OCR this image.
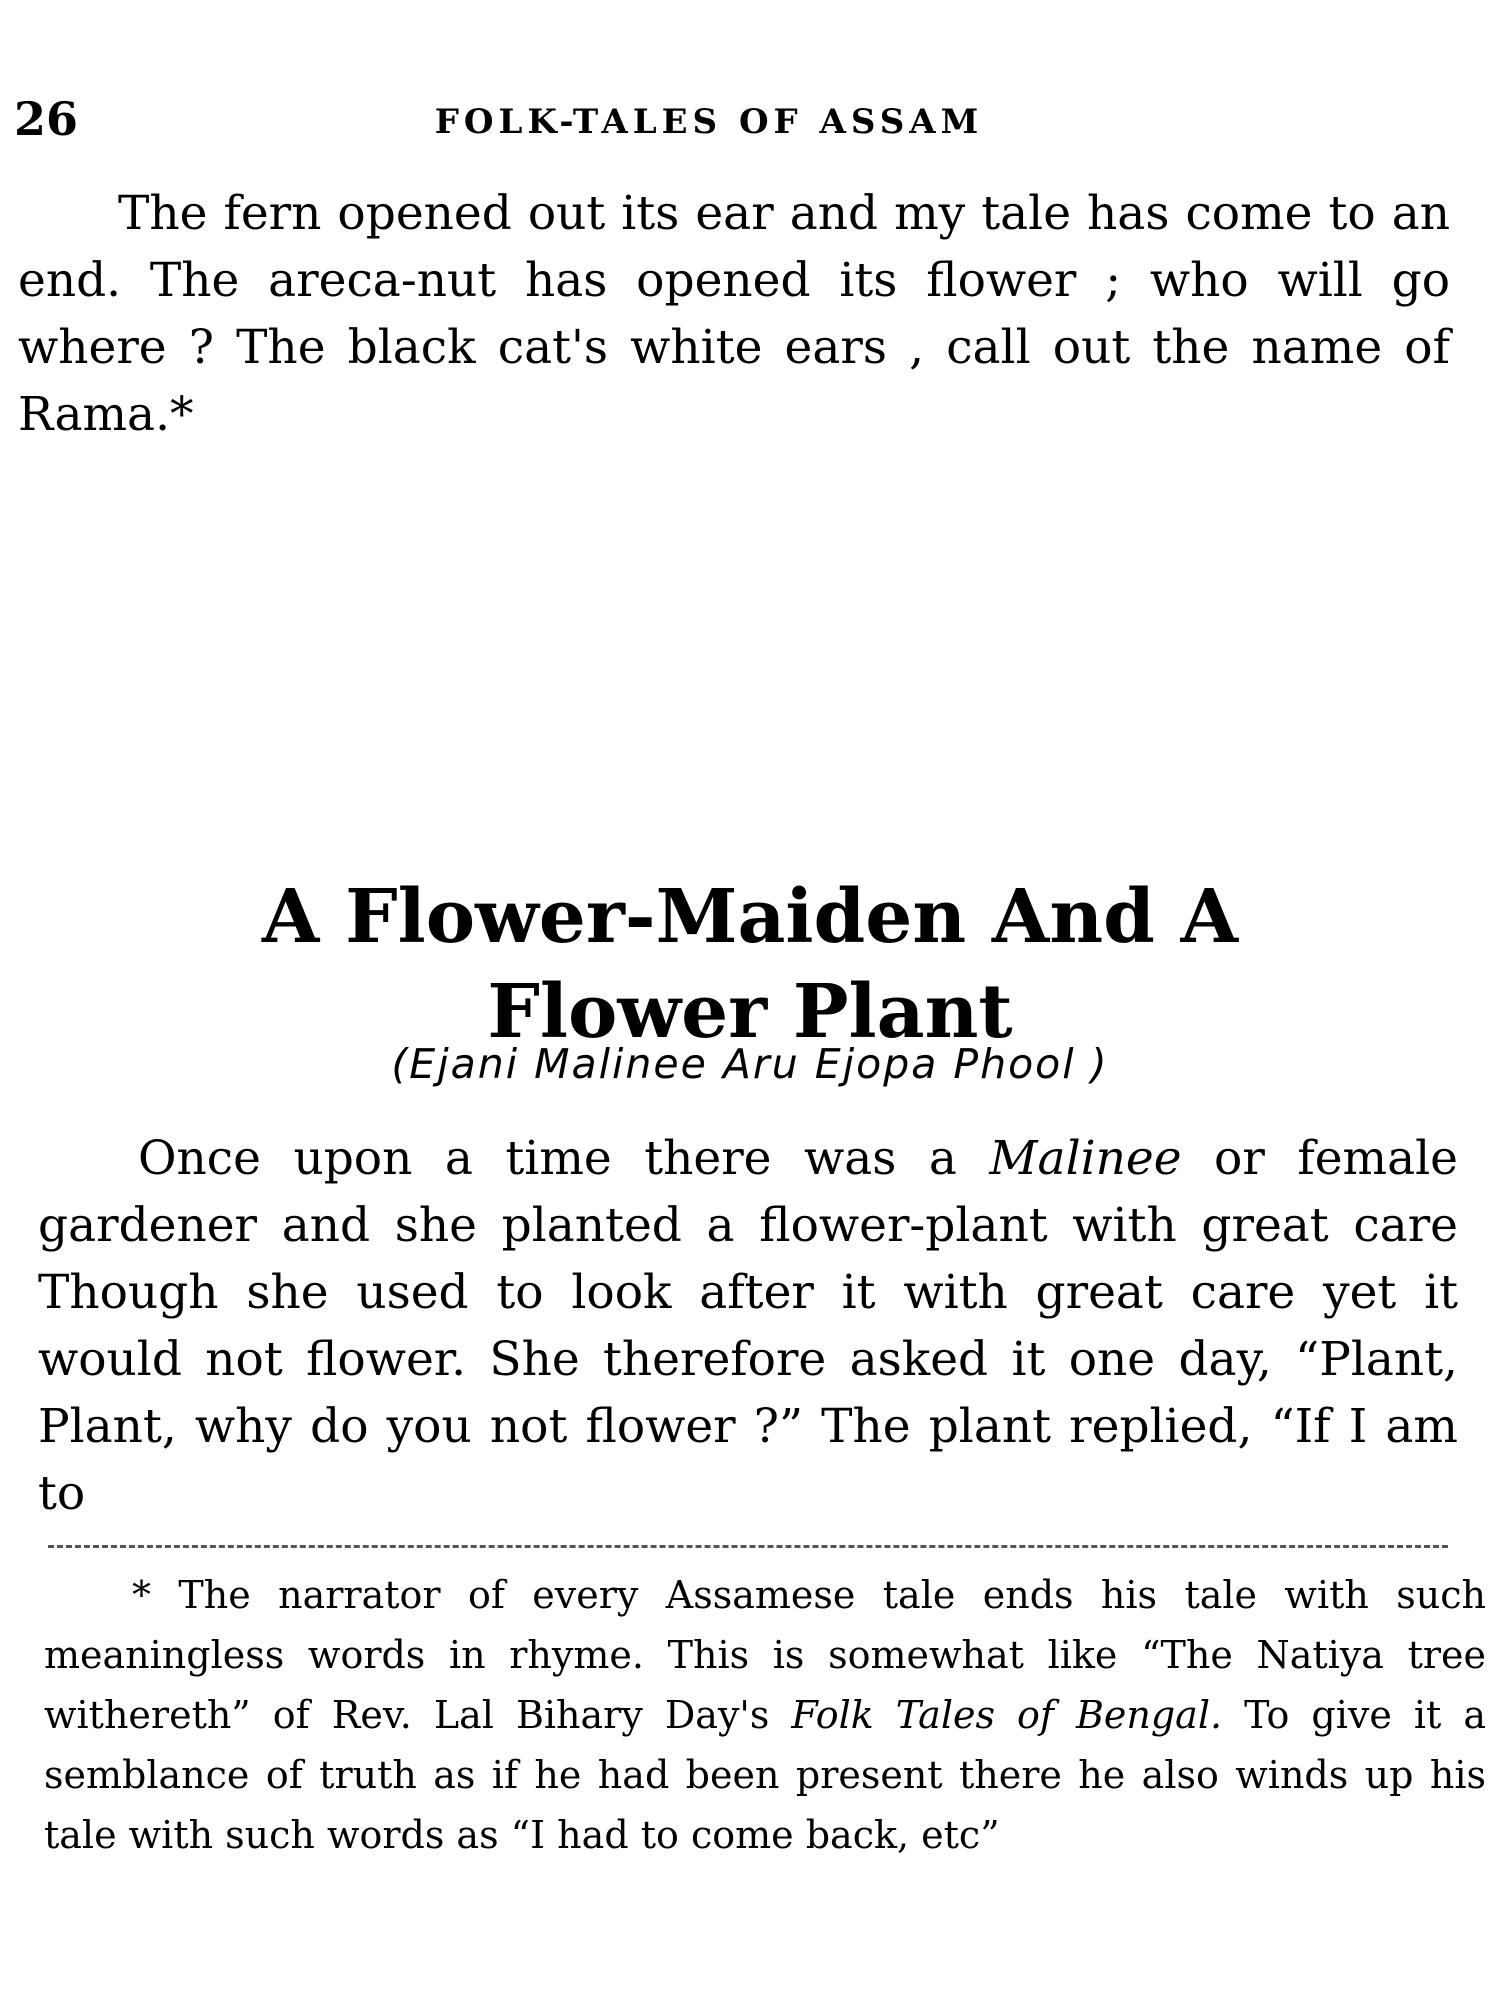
26	FOLK-TALES OF ASSAM

The fern opened out its ear and my tale has come to an end. The areca-nut has opened its flower ; who will go where ? The black cat's white ears , call out the name of Rama.*

A Flower-Maiden And A
Flower Plant
(Ejani Malinee Aru Ejopa Phool )

Once upon a time there was a Malinee or female gardener and she planted a flower-plant with great care Though she used to look after it with great care yet it would not flower. She therefore asked it one day, “Plant, Plant, why do you not flower ?” The plant replied, “If I am to

* The narrator of every Assamese tale ends his tale with such meaningless words in rhyme. This is somewhat like “The Natiya tree withereth” of Rev. Lal Bihary Day's Folk Tales of Bengal. To give it a semblance of truth as if he had been present there he also winds up his tale with such words as “I had to come back, etc”
